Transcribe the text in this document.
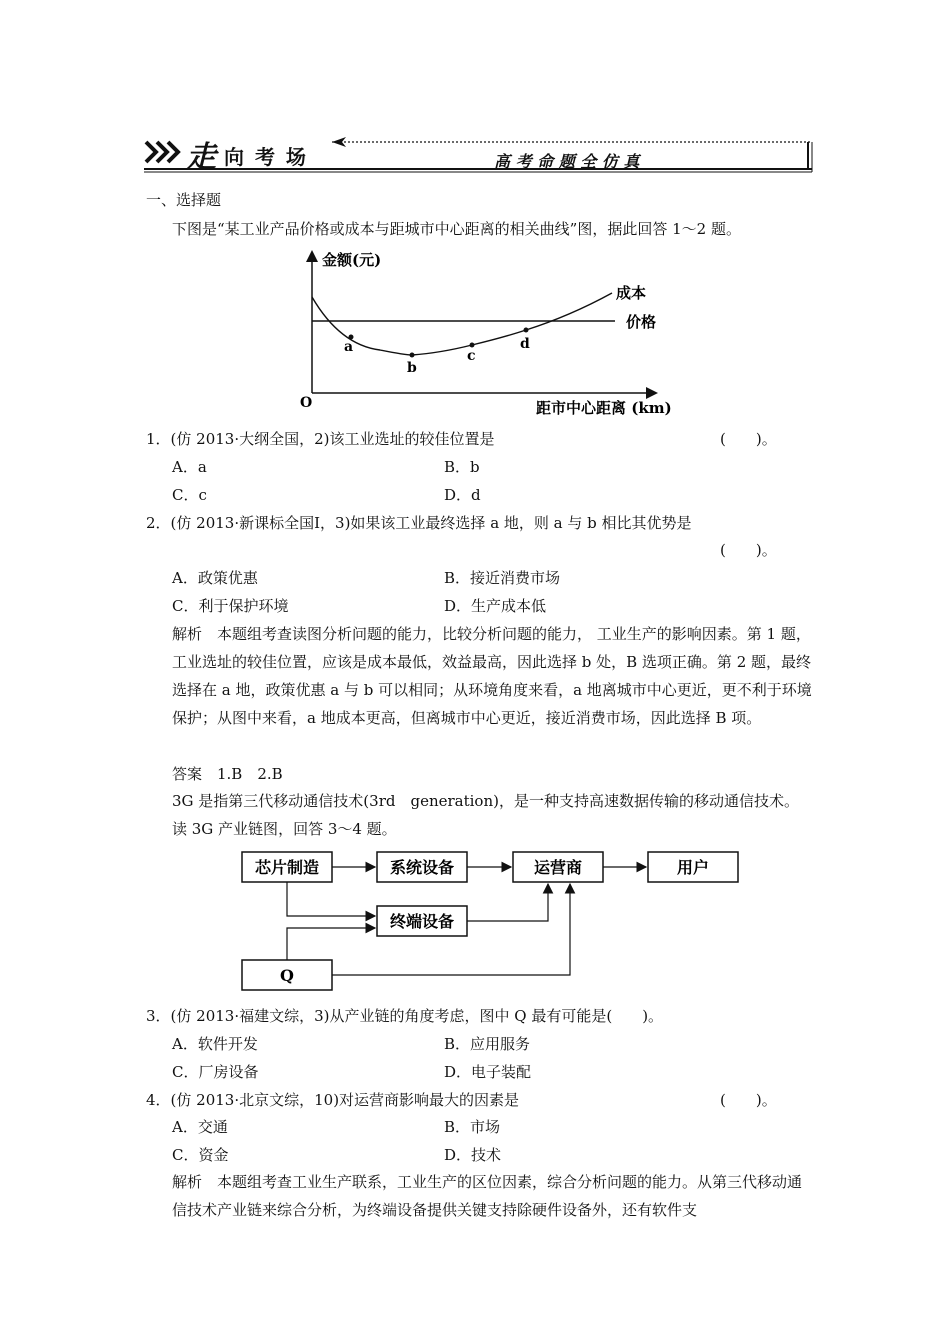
走 向 考 场	高 考 命 题 全 仿 真
一、选择题
下图是“某工业产品价格或成本与距城市中心距离的相关曲线”图，据此回答 1～2 题。
a
b
c
d
金额(元)
成本
价格
O	距市中心距离 (km)
1．(仿 2013·大纲全国，2)该工业选址的较佳位置是	(　　)。
A．a	B．b
C．c	D．d
2．(仿 2013·新课标全国Ⅰ，3)如果该工业最终选择 a 地，则 a 与 b 相比其优势是
(　　)。
A．政策优惠	B．接近消费市场
C．利于保护环境	D．生产成本低
解析　本题组考查读图分析问题的能力，比较分析问题的能力， 工业生产的影响因素。第 1 题，工业选址的较佳位置，应该是成本最低，效益最高，因此选择 b 处，B 选项正确。第 2 题，最终选择在 a 地，政策优惠 a 与 b 可以相同；从环境角度来看，a 地离城市中心更近，更不利于环境保护；从图中来看，a 地成本更高，但离城市中心更近，接近消费市场，因此选择 B 项。
答案　1.B　2.B
3G 是指第三代移动通信技术(3rd　generation)，是一种支持高速数据传输的移动通信技术。读 3G 产业链图，回答 3～4 题。
芯片制造	系统设备	运营商	用户
终端设备
Q
3．(仿 2013·福建文综，3)从产业链的角度考虑，图中 Q 最有可能是(　　)。
A．软件开发	B．应用服务
C．厂房设备	D．电子装配
4．(仿 2013·北京文综，10)对运营商影响最大的因素是	(　　)。
A．交通	B．市场
C．资金	D．技术
解析　本题组考查工业生产联系，工业生产的区位因素，综合分析问题的能力。从第三代移动通信技术产业链来综合分析，为终端设备提供关键支持除硬件设备外，还有软件支
